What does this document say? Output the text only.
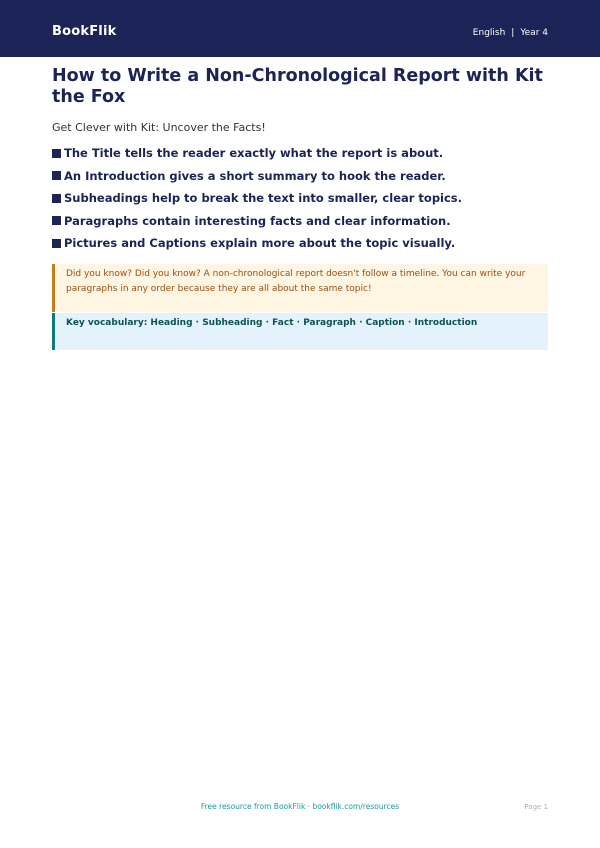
BookFlik	English | Year 4
How to Write a Non-Chronological Report with Kit the Fox
Get Clever with Kit: Uncover the Facts!
The Title tells the reader exactly what the report is about.
An Introduction gives a short summary to hook the reader.
Subheadings help to break the text into smaller, clear topics.
Paragraphs contain interesting facts and clear information.
Pictures and Captions explain more about the topic visually.
Did you know? Did you know? A non-chronological report doesn't follow a timeline. You can write your paragraphs in any order because they are all about the same topic!
Key vocabulary: Heading · Subheading · Fact · Paragraph · Caption · Introduction
Free resource from BookFlik · bookflik.com/resources	Page 1
